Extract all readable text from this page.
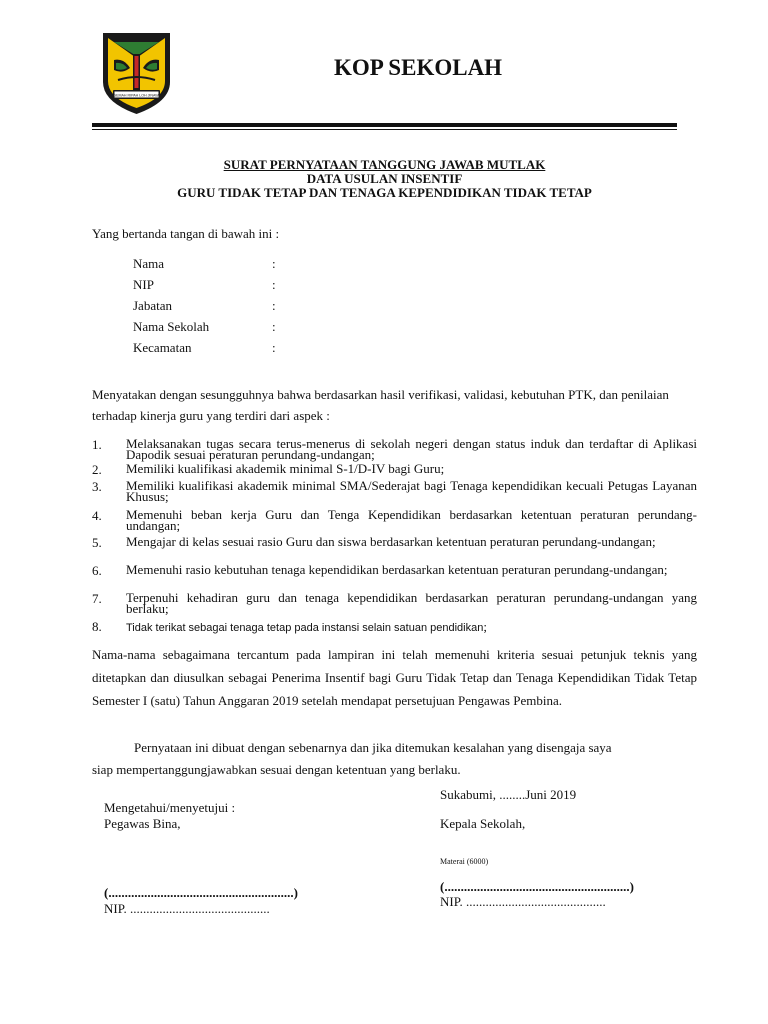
GEMAH RIPAH LOH JINAWI
KOP SEKOLAH
SURAT PERNYATAAN TANGGUNG JAWAB MUTLAK
DATA USULAN INSENTIF
GURU TIDAK TETAP DAN TENAGA KEPENDIDIKAN TIDAK TETAP
Yang bertanda tangan di bawah ini :
Nama	:
NIP	:
Jabatan	:
Nama Sekolah	:
Kecamatan	:
Menyatakan dengan sesungguhnya bahwa berdasarkan hasil verifikasi, validasi, kebutuhan PTK, dan penilaian terhadap kinerja guru yang terdiri dari aspek :
1. Melaksanakan tugas secara terus-menerus di sekolah negeri dengan status induk dan terdaftar di Aplikasi Dapodik sesuai peraturan perundang-undangan;
2. Memiliki kualifikasi akademik minimal S-1/D-IV bagi Guru;
3. Memiliki kualifikasi akademik minimal SMA/Sederajat bagi Tenaga kependidikan kecuali Petugas Layanan Khusus;
4. Memenuhi beban kerja Guru dan Tenga Kependidikan berdasarkan ketentuan peraturan perundang-undangan;
5. Mengajar di kelas sesuai rasio Guru dan siswa berdasarkan ketentuan peraturan perundang-undangan;
6. Memenuhi rasio kebutuhan tenaga kependidikan berdasarkan ketentuan peraturan perundang-undangan;
7. Terpenuhi kehadiran guru dan tenaga kependidikan berdasarkan peraturan perundang-undangan yang berlaku;
8. Tidak terikat sebagai tenaga tetap pada instansi selain satuan pendidikan;
Nama-nama sebagaimana tercantum pada lampiran ini telah memenuhi kriteria sesuai petunjuk teknis yang ditetapkan dan diusulkan sebagai Penerima Insentif bagi Guru Tidak Tetap dan Tenaga Kependidikan Tidak Tetap Semester I (satu) Tahun Anggaran 2019 setelah mendapat persetujuan Pengawas Pembina.
Pernyataan ini dibuat dengan sebenarnya dan jika ditemukan kesalahan yang disengaja saya
siap mempertanggungjawabkan sesuai dengan ketentuan yang berlaku.
Sukabumi, ........Juni 2019
Mengetahui/menyetujui :
Pegawas Bina,	Kepala Sekolah,
Materai (6000)
(.........................................................)
(.........................................................)
NIP. ...........................................
NIP. ...........................................
